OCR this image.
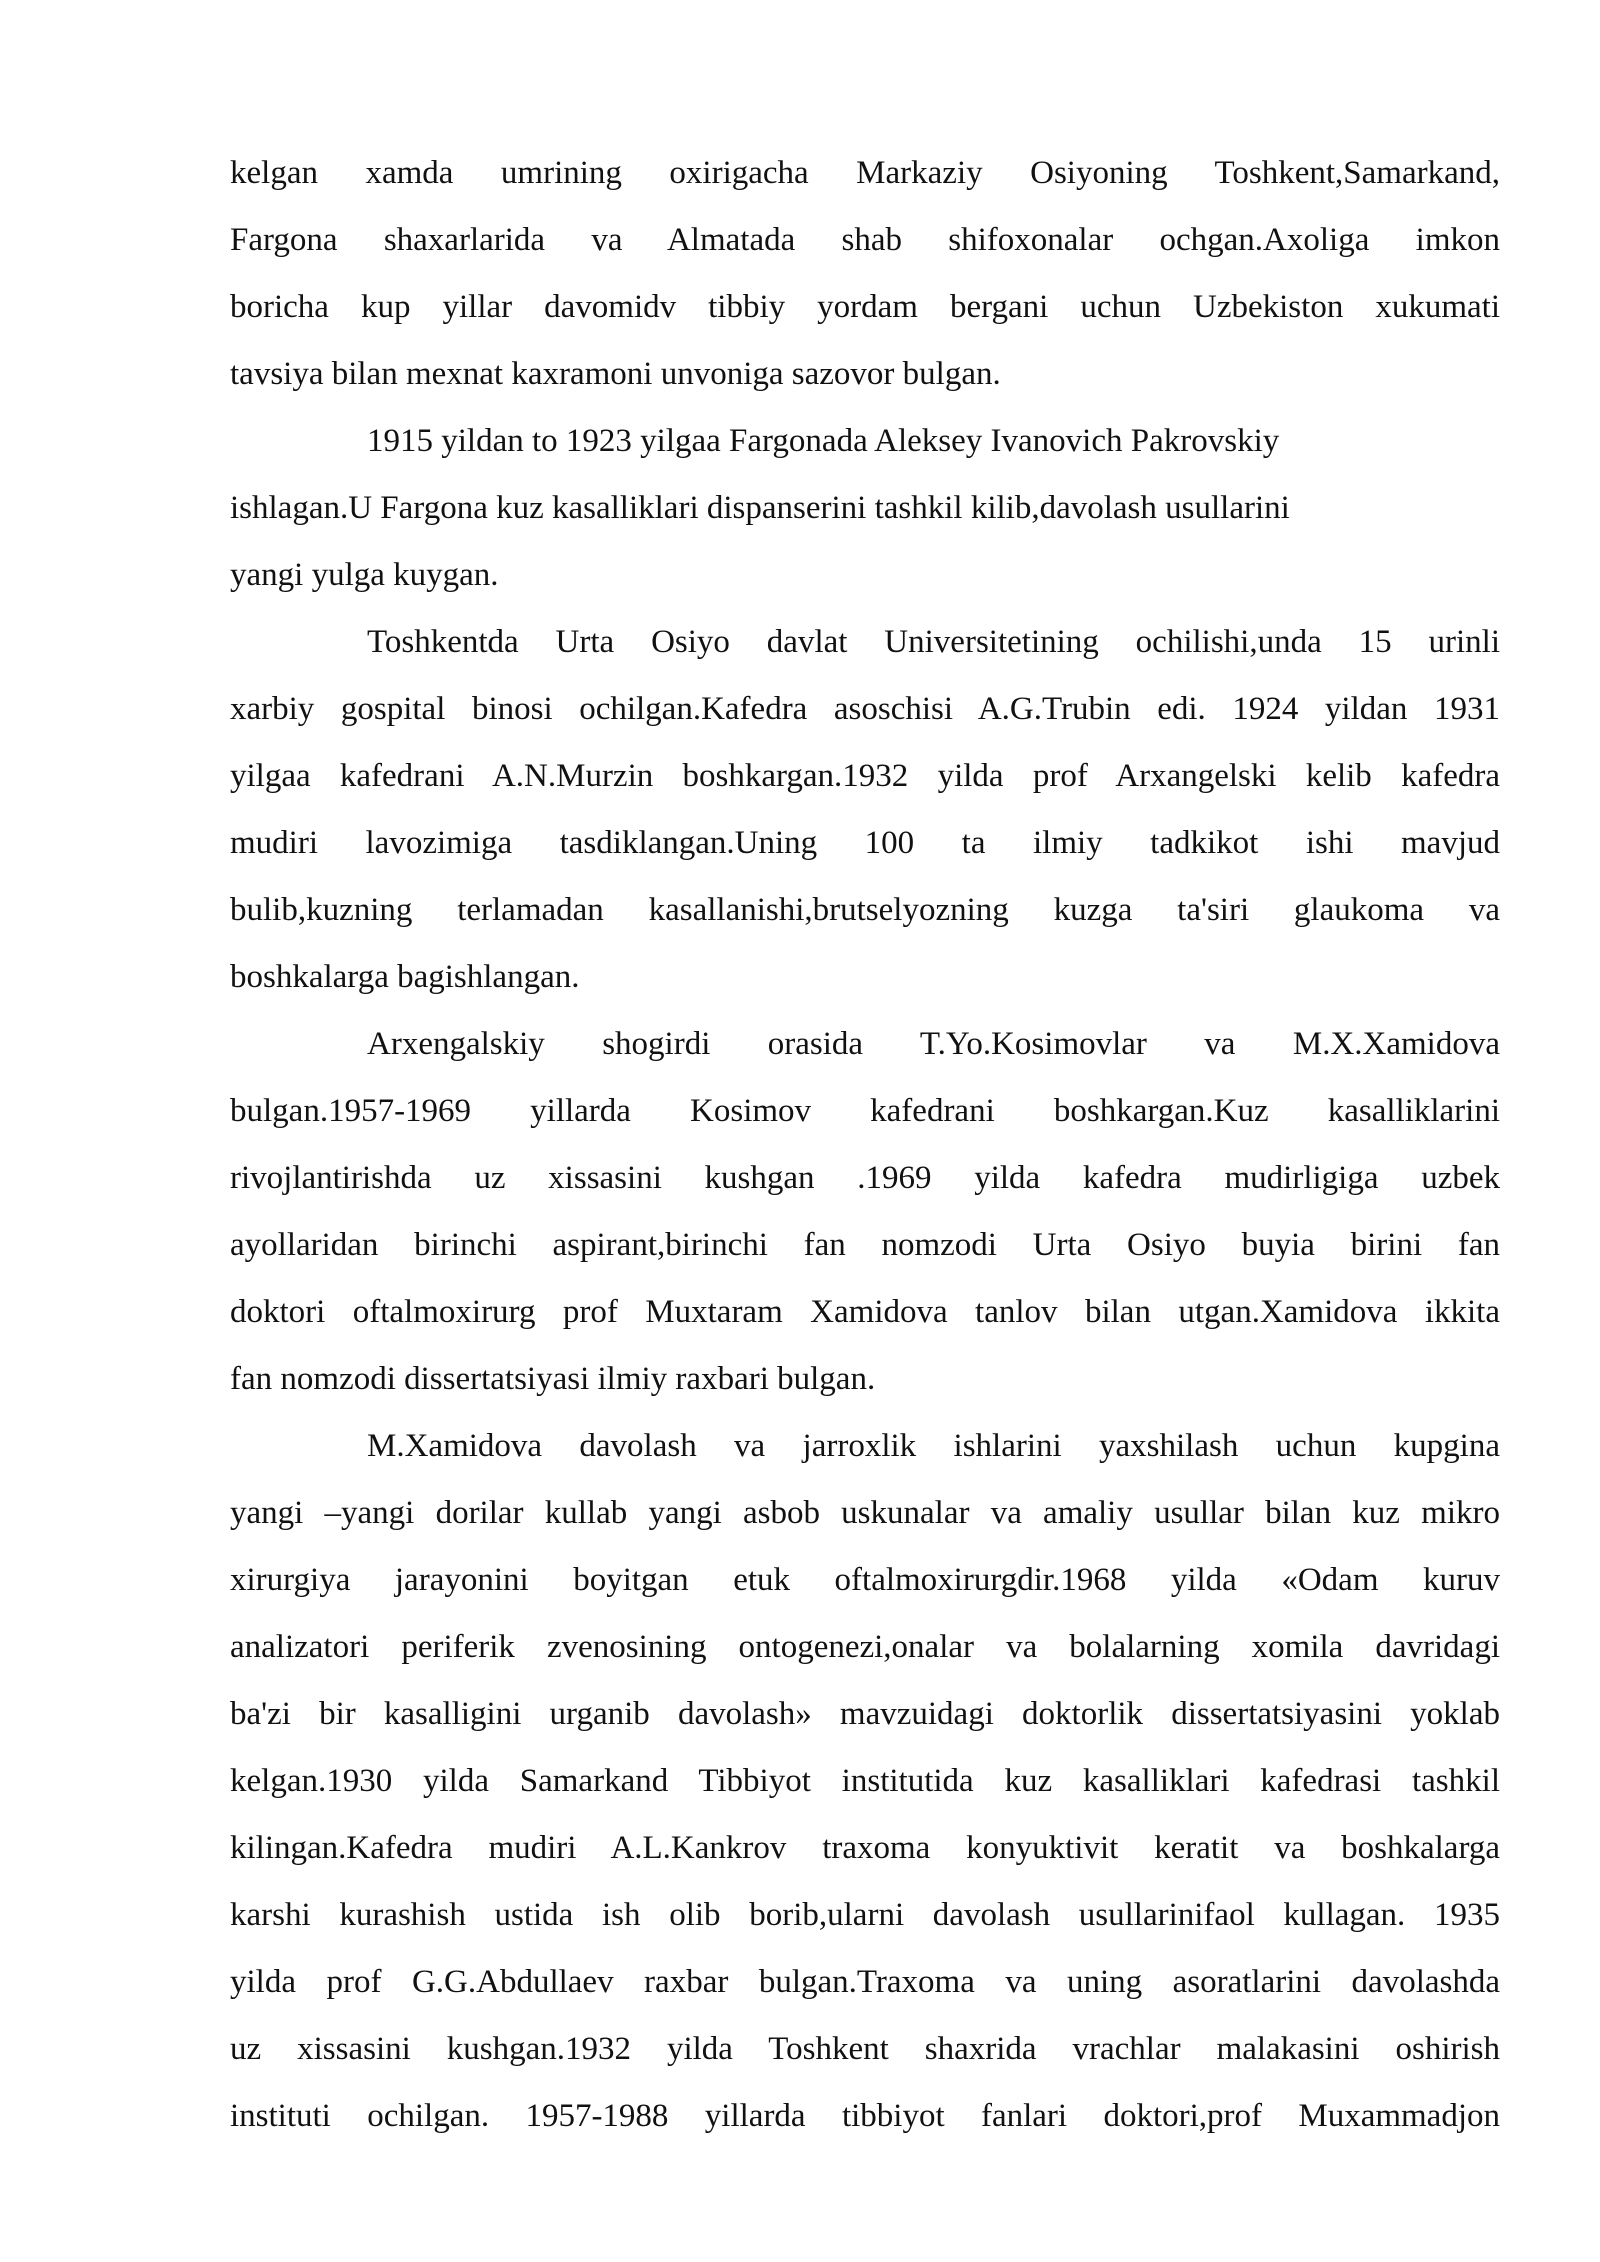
kelgan xamda umrining oxirigacha Markaziy Osiyoning Toshkent,Samarkand,
Fargona shaxarlarida va Almatada shab shifoxonalar ochgan.Axoliga imkon
boricha kup yillar davomidv tibbiy yordam bergani uchun Uzbekiston xukumati
tavsiya bilan mexnat kaxramoni unvoniga sazovor bulgan.
1915 yildan to 1923 yilgaa Fargonada Aleksey Ivanovich Pakrovskiy
ishlagan.U Fargona kuz kasalliklari dispanserini tashkil kilib,davolash usullarini
yangi yulga kuygan.
Toshkentda Urta Osiyo davlat Universitetining ochilishi,unda 15 urinli
xarbiy gospital binosi ochilgan.Kafedra asoschisi A.G.Trubin edi. 1924 yildan 1931
yilgaa kafedrani A.N.Murzin boshkargan.1932 yilda prof Arxangelski kelib kafedra
mudiri lavozimiga tasdiklangan.Uning 100 ta ilmiy tadkikot ishi mavjud
bulib,kuzning terlamadan kasallanishi,brutselyozning kuzga ta'siri glaukoma va
boshkalarga bagishlangan.
Arxengalskiy shogirdi orasida T.Yo.Kosimovlar va M.X.Xamidova
bulgan.1957-1969 yillarda Kosimov kafedrani boshkargan.Kuz kasalliklarini
rivojlantirishda uz xissasini kushgan .1969 yilda kafedra mudirligiga uzbek
ayollaridan birinchi aspirant,birinchi fan nomzodi Urta Osiyo buyia birini fan
doktori oftalmoxirurg prof Muxtaram Xamidova tanlov bilan utgan.Xamidova ikkita
fan nomzodi dissertatsiyasi ilmiy raxbari bulgan.
M.Xamidova davolash va jarroxlik ishlarini yaxshilash uchun kupgina
yangi –yangi dorilar kullab yangi asbob uskunalar va amaliy usullar bilan kuz mikro
xirurgiya jarayonini boyitgan etuk oftalmoxirurgdir.1968 yilda «Odam kuruv
analizatori periferik zvenosining ontogenezi,onalar va bolalarning xomila davridagi
ba'zi bir kasalligini urganib davolash» mavzuidagi doktorlik dissertatsiyasini yoklab
kelgan.1930 yilda Samarkand Tibbiyot institutida kuz kasalliklari kafedrasi tashkil
kilingan.Kafedra mudiri A.L.Kankrov traxoma konyuktivit keratit va boshkalarga
karshi kurashish ustida ish olib borib,ularni davolash usullarinifaol kullagan. 1935
yilda prof G.G.Abdullaev raxbar bulgan.Traxoma va uning asoratlarini davolashda
uz xissasini kushgan.1932 yilda Toshkent shaxrida vrachlar malakasini oshirish
instituti ochilgan. 1957-1988 yillarda tibbiyot fanlari doktori,prof Muxammadjon
